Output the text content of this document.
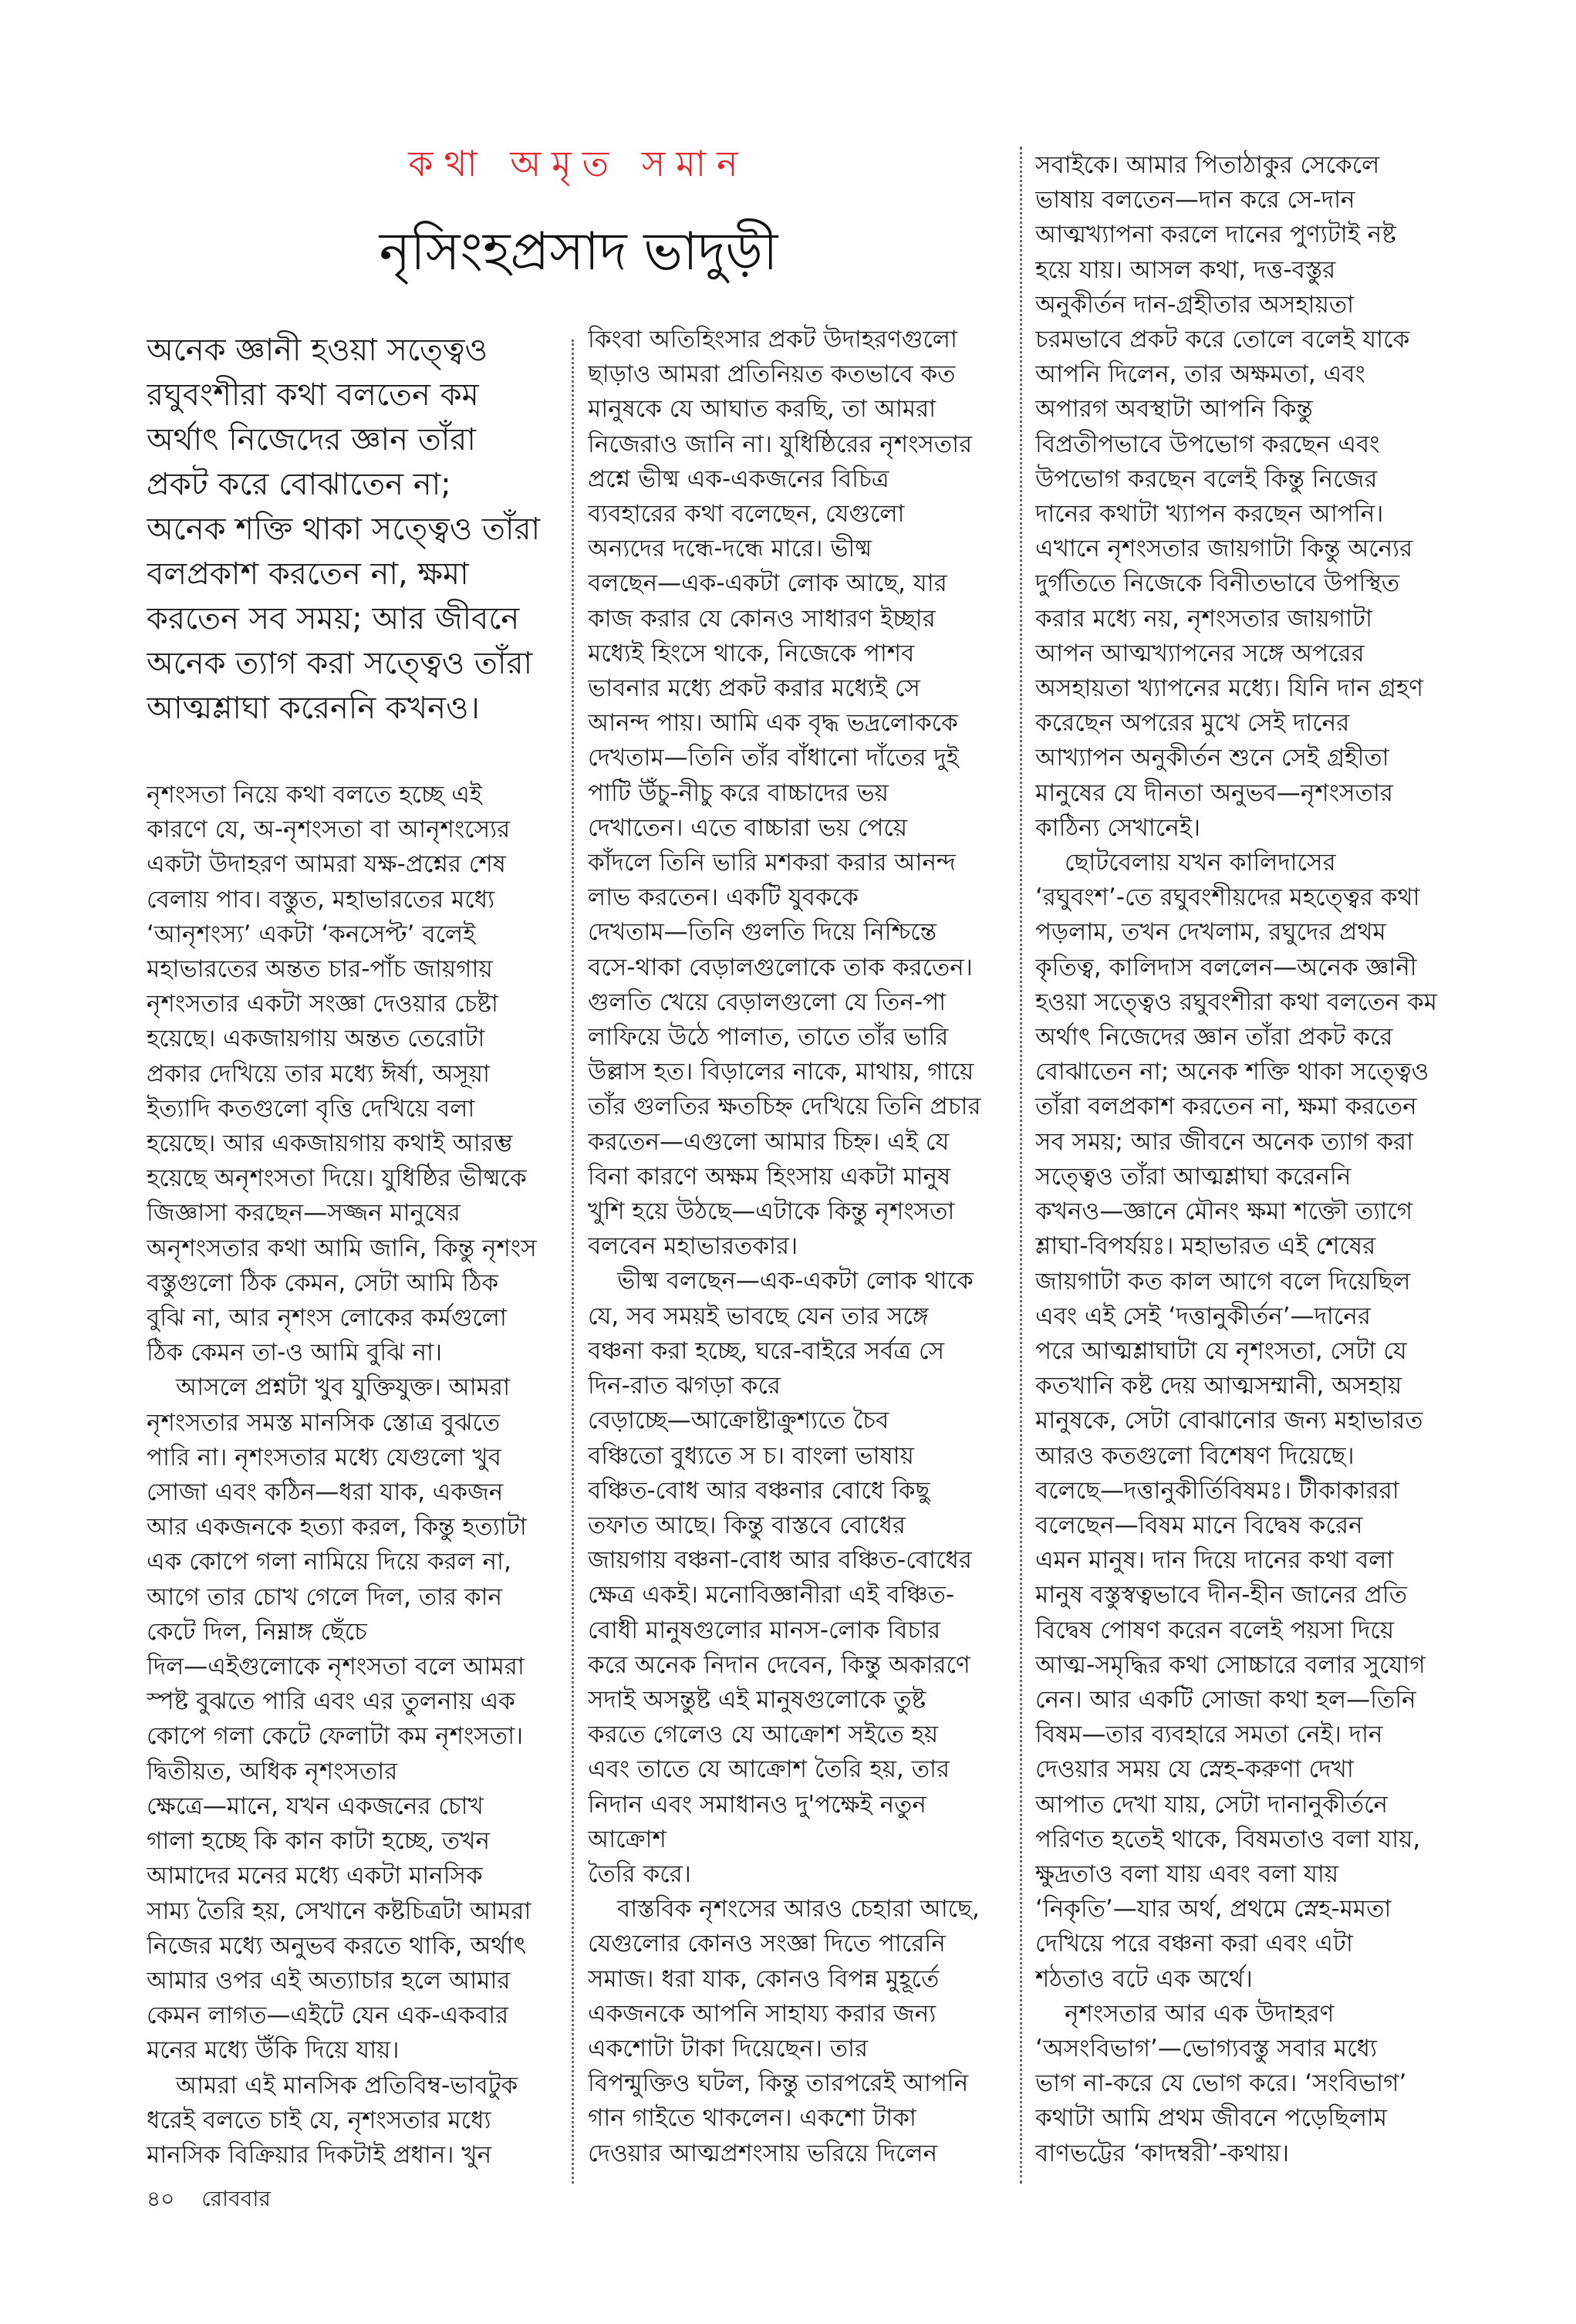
কথা অমৃত সমান
নৃসিংহপ্রসাদ ভাদুড়ী
অনেক জ্ঞানী হওয়া সত্ত্বেও
রঘুবংশীরা কথা বলতেন কম
অর্থাৎ নিজেদের জ্ঞান তাঁরা
প্রকট করে বোঝাতেন না;
অনেক শক্তি থাকা সত্ত্বেও তাঁরা
বলপ্রকাশ করতেন না, ক্ষমা
করতেন সব সময়; আর জীবনে
অনেক ত্যাগ করা সত্ত্বেও তাঁরা
আত্মশ্লাঘা করেননি কখনও।
নৃশংসতা নিয়ে কথা বলতে হচ্ছে এই
কারণে যে, অ-নৃশংসতা বা আনৃশংস্যের
একটা উদাহরণ আমরা যক্ষ-প্রশ্নের শেষ
বেলায় পাব। বস্তুত, মহাভারতের মধ্যে
‘আনৃশংস্য’ একটা ‘কনসেপ্ট’ বলেই
মহাভারতের অন্তত চার-পাঁচ জায়গায়
নৃশংসতার একটা সংজ্ঞা দেওয়ার চেষ্টা
হয়েছে। একজায়গায় অন্তত তেরোটা
প্রকার দেখিয়ে তার মধ্যে ঈর্ষা, অসূয়া
ইত্যাদি কতগুলো বৃত্তি দেখিয়ে বলা
হয়েছে। আর একজায়গায় কথাই আরম্ভ
হয়েছে অনৃশংসতা দিয়ে। যুধিষ্ঠির ভীষ্মকে
জিজ্ঞাসা করছেন—সজ্জন মানুষের
অনৃশংসতার কথা আমি জানি, কিন্তু নৃশংস
বস্তুগুলো ঠিক কেমন, সেটা আমি ঠিক
বুঝি না, আর নৃশংস লোকের কর্মগুলো
ঠিক কেমন তা-ও আমি বুঝি না।
আসলে প্রশ্নটা খুব যুক্তিযুক্ত। আমরা
নৃশংসতার সমস্ত মানসিক স্তোত্র বুঝতে
পারি না। নৃশংসতার মধ্যে যেগুলো খুব
সোজা এবং কঠিন—ধরা যাক, একজন
আর একজনকে হত্যা করল, কিন্তু হত্যাটা
এক কোপে গলা নামিয়ে দিয়ে করল না,
আগে তার চোখ গেলে দিল, তার কান
কেটে দিল, নিম্নাঙ্গ ছেঁচে
দিল—এইগুলোকে নৃশংসতা বলে আমরা
স্পষ্ট বুঝতে পারি এবং এর তুলনায় এক
কোপে গলা কেটে ফেলাটা কম নৃশংসতা।
দ্বিতীয়ত, অধিক নৃশংসতার
ক্ষেত্রে—মানে, যখন একজনের চোখ
গালা হচ্ছে কি কান কাটা হচ্ছে, তখন
আমাদের মনের মধ্যে একটা মানসিক
সাম্য তৈরি হয়, সেখানে কষ্টচিত্রটা আমরা
নিজের মধ্যে অনুভব করতে থাকি, অর্থাৎ
আমার ওপর এই অত্যাচার হলে আমার
কেমন লাগত—এইটে যেন এক-একবার
মনের মধ্যে উঁকি দিয়ে যায়।
আমরা এই মানসিক প্রতিবিম্ব-ভাবটুক
ধরেই বলতে চাই যে, নৃশংসতার মধ্যে
মানসিক বিক্রিয়ার দিকটাই প্রধান। খুন
কিংবা অতিহিংসার প্রকট উদাহরণগুলো
ছাড়াও আমরা প্রতিনিয়ত কতভাবে কত
মানুষকে যে আঘাত করছি, তা আমরা
নিজেরাও জানি না। যুধিষ্ঠিরের নৃশংসতার
প্রশ্নে ভীষ্ম এক-একজনের বিচিত্র
ব্যবহারের কথা বলেছেন, যেগুলো
অন্যদের দন্ধে-দন্ধে মারে। ভীষ্ম
বলছেন—এক-একটা লোক আছে, যার
কাজ করার যে কোনও সাধারণ ইচ্ছার
মধ্যেই হিংসে থাকে, নিজেকে পাশব
ভাবনার মধ্যে প্রকট করার মধ্যেই সে
আনন্দ পায়। আমি এক বৃদ্ধ ভদ্রলোককে
দেখতাম—তিনি তাঁর বাঁধানো দাঁতের দুই
পাটি উঁচু-নীচু করে বাচ্চাদের ভয়
দেখাতেন। এতে বাচ্চারা ভয় পেয়ে
কাঁদলে তিনি ভারি মশকরা করার আনন্দ
লাভ করতেন। একটি যুবককে
দেখতাম—তিনি গুলতি দিয়ে নিশ্চিন্তে
বসে-থাকা বেড়ালগুলোকে তাক করতেন।
গুলতি খেয়ে বেড়ালগুলো যে তিন-পা
লাফিয়ে উঠে পালাত, তাতে তাঁর ভারি
উল্লাস হত। বিড়ালের নাকে, মাথায়, গায়ে
তাঁর গুলতির ক্ষতচিহ্ন দেখিয়ে তিনি প্রচার
করতেন—এগুলো আমার চিহ্ন। এই যে
বিনা কারণে অক্ষম হিংসায় একটা মানুষ
খুশি হয়ে উঠছে—এটাকে কিন্তু নৃশংসতা
বলবেন মহাভারতকার।
ভীষ্ম বলছেন—এক-একটা লোক থাকে
যে, সব সময়ই ভাবছে যেন তার সঙ্গে
বঞ্চনা করা হচ্ছে, ঘরে-বাইরে সর্বত্র সে
দিন-রাত ঝগড়া করে
বেড়াচ্ছে—আক্রোষ্টাক্রুশ্যতে চৈব
বঞ্চিতো বুধ্যতে স চ। বাংলা ভাষায়
বঞ্চিত-বোধ আর বঞ্চনার বোধে কিছু
তফাত আছে। কিন্তু বাস্তবে বোধের
জায়গায় বঞ্চনা-বোধ আর বঞ্চিত-বোধের
ক্ষেত্র একই। মনোবিজ্ঞানীরা এই বঞ্চিত-
বোধী মানুষগুলোর মানস-লোক বিচার
করে অনেক নিদান দেবেন, কিন্তু অকারণে
সদাই অসন্তুষ্ট এই মানুষগুলোকে তুষ্ট
করতে গেলেও যে আক্রোশ সইতে হয়
এবং তাতে যে আক্রোশ তৈরি হয়, তার
নিদান এবং সমাধানও দু'পক্ষেই নতুন
আক্রোশ
তৈরি করে।
বাস্তবিক নৃশংসের আরও চেহারা আছে,
যেগুলোর কোনও সংজ্ঞা দিতে পারেনি
সমাজ। ধরা যাক, কোনও বিপন্ন মুহূর্তে
একজনকে আপনি সাহায্য করার জন্য
একশোটা টাকা দিয়েছেন। তার
বিপন্মুক্তিও ঘটল, কিন্তু তারপরেই আপনি
গান গাইতে থাকলেন। একশো টাকা
দেওয়ার আত্মপ্রশংসায় ভরিয়ে দিলেন
সবাইকে। আমার পিতাঠাকুর সেকেলে
ভাষায় বলতেন—দান করে সে-দান
আত্মখ্যাপনা করলে দানের পুণ্যটাই নষ্ট
হয়ে যায়। আসল কথা, দত্ত-বস্তুর
অনুকীর্তন দান-গ্রহীতার অসহায়তা
চরমভাবে প্রকট করে তোলে বলেই যাকে
আপনি দিলেন, তার অক্ষমতা, এবং
অপারগ অবস্থাটা আপনি কিন্তু
বিপ্রতীপভাবে উপভোগ করছেন এবং
উপভোগ করছেন বলেই কিন্তু নিজের
দানের কথাটা খ্যাপন করছেন আপনি।
এখানে নৃশংসতার জায়গাটা কিন্তু অন্যের
দুর্গতিতে নিজেকে বিনীতভাবে উপস্থিত
করার মধ্যে নয়, নৃশংসতার জায়গাটা
আপন আত্মখ্যাপনের সঙ্গে অপরের
অসহায়তা খ্যাপনের মধ্যে। যিনি দান গ্রহণ
করেছেন অপরের মুখে সেই দানের
আখ্যাপন অনুকীর্তন শুনে সেই গ্রহীতা
মানুষের যে দীনতা অনুভব—নৃশংসতার
কাঠিন্য সেখানেই।
ছোটবেলায় যখন কালিদাসের
‘রঘুবংশ’-তে রঘুবংশীয়দের মহত্ত্বের কথা
পড়লাম, তখন দেখলাম, রঘুদের প্রথম
কৃতিত্ব, কালিদাস বললেন—অনেক জ্ঞানী
হওয়া সত্ত্বেও রঘুবংশীরা কথা বলতেন কম
অর্থাৎ নিজেদের জ্ঞান তাঁরা প্রকট করে
বোঝাতেন না; অনেক শক্তি থাকা সত্ত্বেও
তাঁরা বলপ্রকাশ করতেন না, ক্ষমা করতেন
সব সময়; আর জীবনে অনেক ত্যাগ করা
সত্ত্বেও তাঁরা আত্মশ্লাঘা করেননি
কখনও—জ্ঞানে মৌনং ক্ষমা শক্তৌ ত্যাগে
শ্লাঘা-বিপর্যয়ঃ। মহাভারত এই শেষের
জায়গাটা কত কাল আগে বলে দিয়েছিল
এবং এই সেই ‘দত্তানুকীর্তন’—দানের
পরে আত্মশ্লাঘাটা যে নৃশংসতা, সেটা যে
কতখানি কষ্ট দেয় আত্মসম্মানী, অসহায়
মানুষকে, সেটা বোঝানোর জন্য মহাভারত
আরও কতগুলো বিশেষণ দিয়েছে।
বলেছে—দত্তানুকীর্তিবিষমঃ। টীকাকাররা
বলেছেন—বিষম মানে বিদ্বেষ করেন
এমন মানুষ। দান দিয়ে দানের কথা বলা
মানুষ বস্তুস্বত্বভাবে দীন-হীন জানের প্রতি
বিদ্বেষ পোষণ করেন বলেই পয়সা দিয়ে
আত্ম-সমৃদ্ধির কথা সোচ্চারে বলার সুযোগ
নেন। আর একটি সোজা কথা হল—তিনি
বিষম—তার ব্যবহারে সমতা নেই। দান
দেওয়ার সময় যে স্নেহ-করুণা দেখা
আপাত দেখা যায়, সেটা দানানুকীর্তনে
পরিণত হতেই থাকে, বিষমতাও বলা যায়,
ক্ষুদ্রতাও বলা যায় এবং বলা যায়
‘নিকৃতি’—যার অর্থ, প্রথমে স্নেহ-মমতা
দেখিয়ে পরে বঞ্চনা করা এবং এটা
শঠতাও বটে এক অর্থে।
নৃশংসতার আর এক উদাহরণ
‘অসংবিভাগ’—ভোগ্যবস্তু সবার মধ্যে
ভাগ না-করে যে ভোগ করে। ‘সংবিভাগ’
কথাটা আমি প্রথম জীবনে পড়েছিলাম
বাণভট্টের ‘কাদম্বরী’-কথায়।
৪০ রোববার
